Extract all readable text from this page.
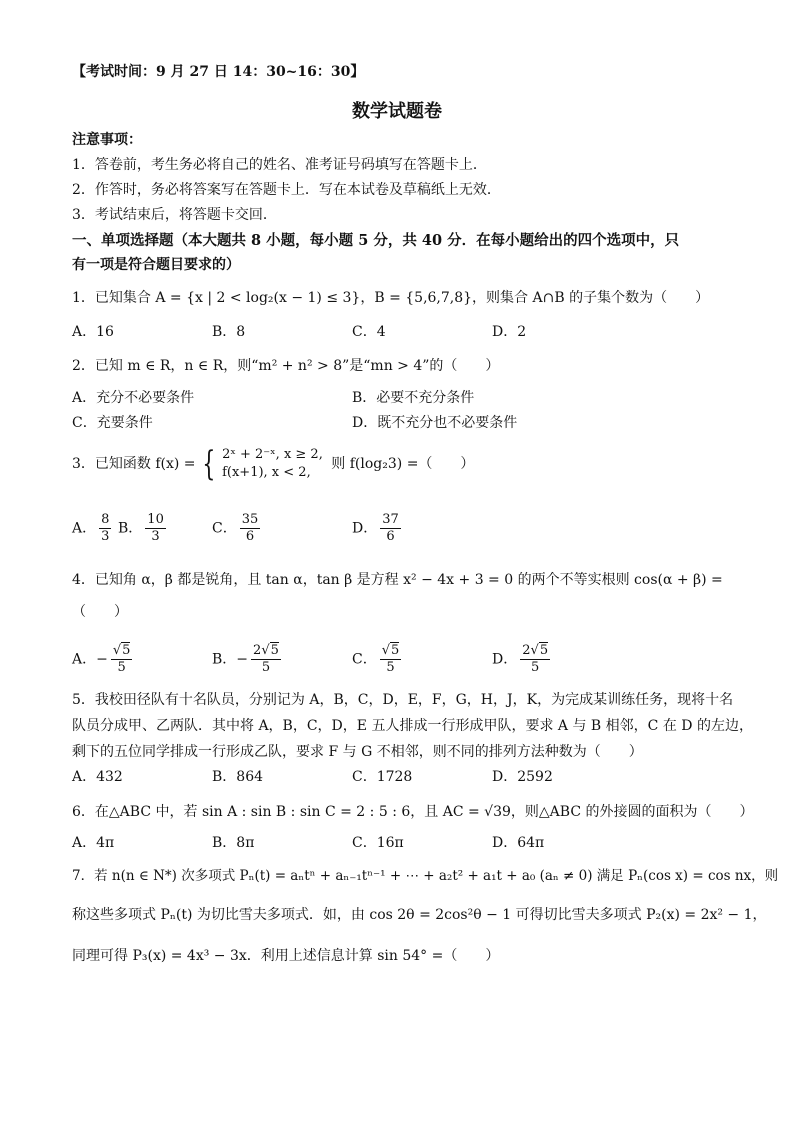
【考试时间：9 月 27 日 14：30~16：30】
数学试题卷
注意事项：
1．答卷前，考生务必将自己的姓名、准考证号码填写在答题卡上．
2．作答时，务必将答案写在答题卡上．写在本试卷及草稿纸上无效．
3．考试结束后，将答题卡交回．
一、单项选择题（本大题共 8 小题，每小题 5 分，共 40 分．在每小题给出的四个选项中，只
有一项是符合题目要求的）
1．已知集合 A = {x | 2 < log₂(x − 1) ≤ 3}，B = {5,6,7,8}，则集合 A∩B 的子集个数为（　　）
A．16	B．8	C．4	D．2
2．已知 m ∈ R，n ∈ R，则“m² + n² > 8”是“mn > 4”的（　　）
A．充分不必要条件	B．必要不充分条件
C．充要条件	D．既不充分也不必要条件
3．已知函数 f(x) = { 2ˣ + 2⁻ˣ, x ≥ 2,
f(x+1), x < 2,
则 f(log₂3) =（　　）
A． $\frac{8}{3}$ B． $\frac{10}{3}$	C． $\frac{35}{6}$	D． $\frac{37}{6}$
4．已知角 α，β 都是锐角，且 tan α，tan β 是方程 x² − 4x + 3 = 0 的两个不等实根则 cos(α + β) =
（　　）
A．− $\frac{√5}{5}$	B．− $\frac{2√5}{5}$	C． $\frac{√5}{5}$	D． $\frac{2√5}{5}$
5．我校田径队有十名队员，分别记为 A，B，C，D，E，F，G，H，J，K，为完成某训练任务，现将十名
队员分成甲、乙两队．其中将 A，B，C，D，E 五人排成一行形成甲队，要求 A 与 B 相邻，C 在 D 的左边，
剩下的五位同学排成一行形成乙队，要求 F 与 G 不相邻，则不同的排列方法种数为（　　）
A．432	B．864	C．1728	D．2592
6．在△ABC 中，若 sin A : sin B : sin C = 2 : 5 : 6，且 AC = √39，则△ABC 的外接圆的面积为（　　）
A．4π	B．8π	C．16π	D．64π
7．若 n(n ∈ N*) 次多项式 Pₙ(t) = aₙtⁿ + aₙ₋₁tⁿ⁻¹ + ⋯ + a₂t² + a₁t + a₀ (aₙ ≠ 0) 满足 Pₙ(cos x) = cos nx，则
称这些多项式 Pₙ(t) 为切比雪夫多项式．如，由 cos 2θ = 2cos²θ − 1 可得切比雪夫多项式 P₂(x) = 2x² − 1，
同理可得 P₃(x) = 4x³ − 3x．利用上述信息计算 sin 54° =（　　）
